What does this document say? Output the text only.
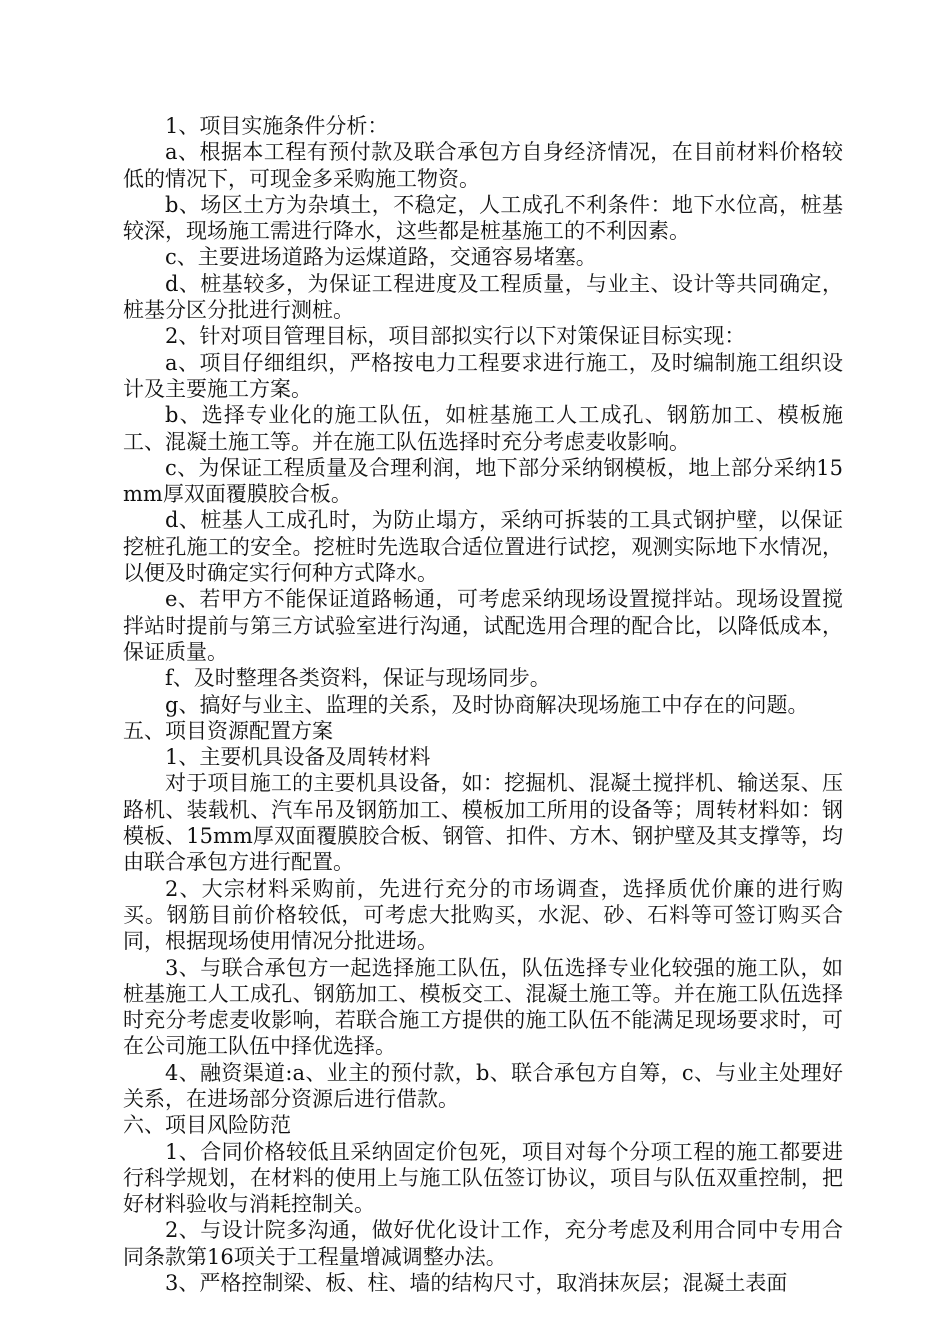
1、项目实施条件分析：

a、根据本工程有预付款及联合承包方自身经济情况，在目前材料价格较低的情况下，可现金多采购施工物资。

b、场区土方为杂填土，不稳定，人工成孔不利条件：地下水位高，桩基较深，现场施工需进行降水，这些都是桩基施工的不利因素。

c、主要进场道路为运煤道路，交通容易堵塞。

d、桩基较多，为保证工程进度及工程质量，与业主、设计等共同确定，桩基分区分批进行测桩。

2、针对项目管理目标，项目部拟实行以下对策保证目标实现：

a、项目仔细组织，严格按电力工程要求进行施工，及时编制施工组织设计及主要施工方案。

b、选择专业化的施工队伍，如桩基施工人工成孔、钢筋加工、模板施工、混凝土施工等。并在施工队伍选择时充分考虑麦收影响。

c、为保证工程质量及合理利润，地下部分采纳钢模板，地上部分采纳15mm厚双面覆膜胶合板。

d、桩基人工成孔时，为防止塌方，采纳可拆装的工具式钢护壁，以保证挖桩孔施工的安全。挖桩时先选取合适位置进行试挖，观测实际地下水情况，以便及时确定实行何种方式降水。

e、若甲方不能保证道路畅通，可考虑采纳现场设置搅拌站。现场设置搅拌站时提前与第三方试验室进行沟通，试配选用合理的配合比，以降低成本，保证质量。

f、及时整理各类资料，保证与现场同步。

g、搞好与业主、监理的关系，及时协商解决现场施工中存在的问题。

五、项目资源配置方案

1、主要机具设备及周转材料

对于项目施工的主要机具设备，如：挖掘机、混凝土搅拌机、输送泵、压路机、装载机、汽车吊及钢筋加工、模板加工所用的设备等；周转材料如：钢模板、15mm厚双面覆膜胶合板、钢管、扣件、方木、钢护壁及其支撑等，均由联合承包方进行配置。

2、大宗材料采购前，先进行充分的市场调查，选择质优价廉的进行购买。钢筋目前价格较低，可考虑大批购买，水泥、砂、石料等可签订购买合同，根据现场使用情况分批进场。

3、与联合承包方一起选择施工队伍，队伍选择专业化较强的施工队，如桩基施工人工成孔、钢筋加工、模板交工、混凝土施工等。并在施工队伍选择时充分考虑麦收影响，若联合施工方提供的施工队伍不能满足现场要求时，可在公司施工队伍中择优选择。

4、融资渠道:a、业主的预付款，b、联合承包方自筹，c、与业主处理好关系，在进场部分资源后进行借款。

六、项目风险防范

1、合同价格较低且采纳固定价包死，项目对每个分项工程的施工都要进行科学规划，在材料的使用上与施工队伍签订协议，项目与队伍双重控制，把好材料验收与消耗控制关。

2、与设计院多沟通，做好优化设计工作，充分考虑及利用合同中专用合同条款第16项关于工程量增减调整办法。

3、严格控制梁、板、柱、墙的结构尺寸，取消抹灰层；混凝土表面
